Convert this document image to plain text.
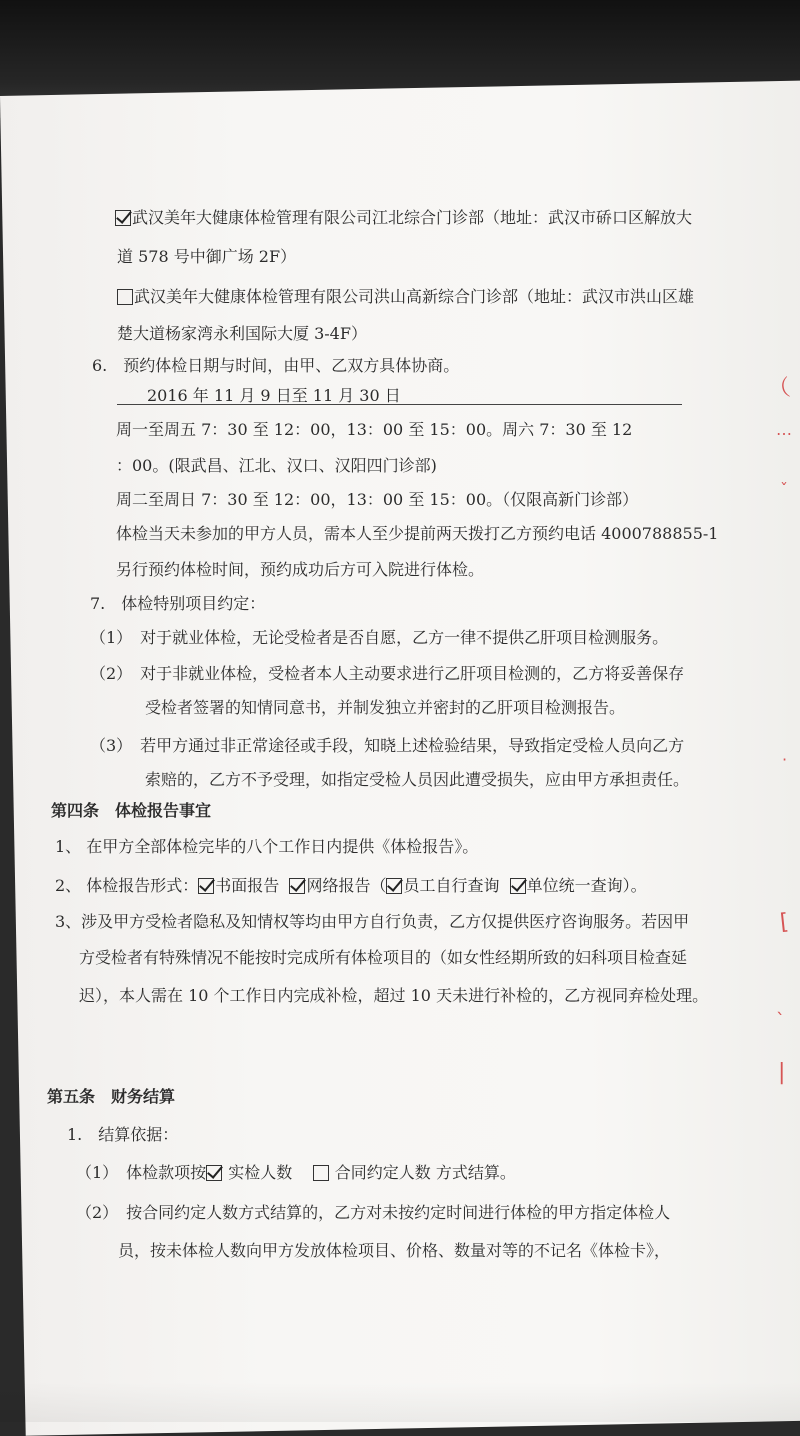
武汉美年大健康体检管理有限公司江北综合门诊部（地址：武汉市硚口区解放大
道 578 号中御广场 2F）
武汉美年大健康体检管理有限公司洪山高新综合门诊部（地址：武汉市洪山区雄
楚大道杨家湾永利国际大厦 3-4F）
6.　预约体检日期与时间，由甲、乙双方具体协商。
2016 年 11 月 9 日至 11 月 30 日
周一至周五 7：30 至 12：00，13：00 至 15：00。周六 7：30 至 12
：00。(限武昌、江北、汉口、汉阳四门诊部)
周二至周日 7：30 至 12：00，13：00 至 15：00。（仅限高新门诊部）
体检当天未参加的甲方人员，需本人至少提前两天拨打乙方预约电话 4000788855-1
另行预约体检时间，预约成功后方可入院进行体检。
7.　体检特别项目约定：
（1）　对于就业体检，无论受检者是否自愿，乙方一律不提供乙肝项目检测服务。
（2）　对于非就业体检，受检者本人主动要求进行乙肝项目检测的，乙方将妥善保存
受检者签署的知情同意书，并制发独立并密封的乙肝项目检测报告。
（3）　若甲方通过非正常途径或手段，知晓上述检验结果，导致指定受检人员向乙方
索赔的，乙方不予受理，如指定受检人员因此遭受损失，应由甲方承担责任。
第四条　体检报告事宜
1、 在甲方全部体检完毕的八个工作日内提供《体检报告》。
2、 体检报告形式： 书面报告 网络报告（ 员工自行查询 单位统一查询）。
3、涉及甲方受检者隐私及知情权等均由甲方自行负责，乙方仅提供医疗咨询服务。若因甲
方受检者有特殊情况不能按时完成所有体检项目的（如女性经期所致的妇科项目检查延
迟），本人需在 10 个工作日内完成补检，超过 10 天未进行补检的，乙方视同弃检处理。
第五条　财务结算
1.　结算依据：
（1）　体检款项按 实检人数	合同约定人数 方式结算。
（2）　按合同约定人数方式结算的，乙方对未按约定时间进行体检的甲方指定体检人
员，按未体检人数向甲方发放体检项目、价格、数量对等的不记名《体检卡》，
（
…
ˇ
·
[
ˋ
|
